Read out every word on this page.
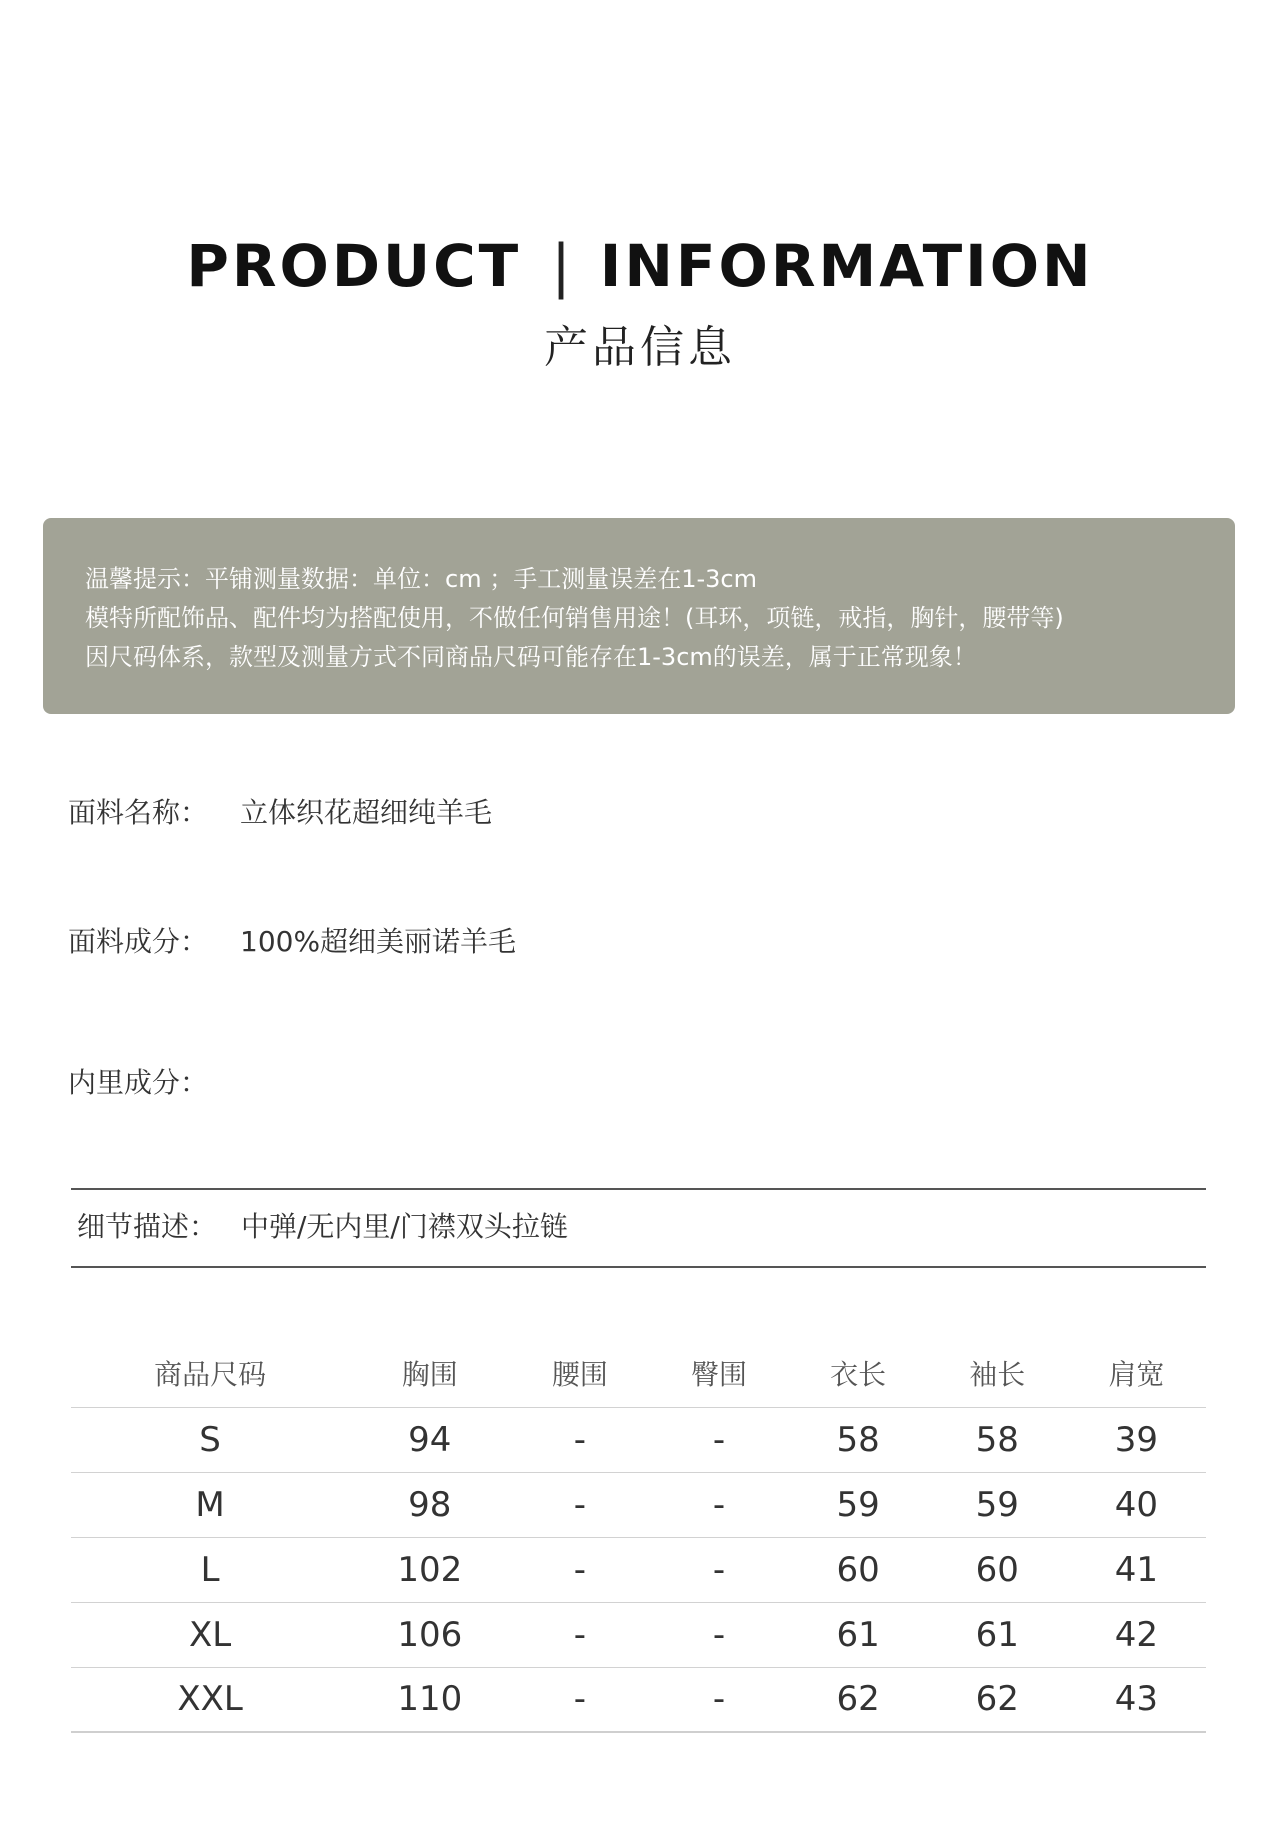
PRODUCT | INFORMATION
产品信息

温馨提示：平铺测量数据：单位：cm ；手工测量误差在1-3cm

模特所配饰品、配件均为搭配使用，不做任何销售用途！(耳环，项链，戒指，胸针，腰带等)

因尺码体系，款型及测量方式不同商品尺码可能存在1-3cm的误差，属于正常现象！

面料名称： 立体织花超细纯羊毛
面料成分： 100%超细美丽诺羊毛
内里成分：
细节描述： 中弹/无内里/门襟双头拉链
商品尺码	胸围	腰围	臀围	衣长	袖长	肩宽
S	94	-	-	58	58	39
M	98	-	-	59	59	40
L	102	-	-	60	60	41
XL	106	-	-	61	61	42
XXL	110	-	-	62	62	43
